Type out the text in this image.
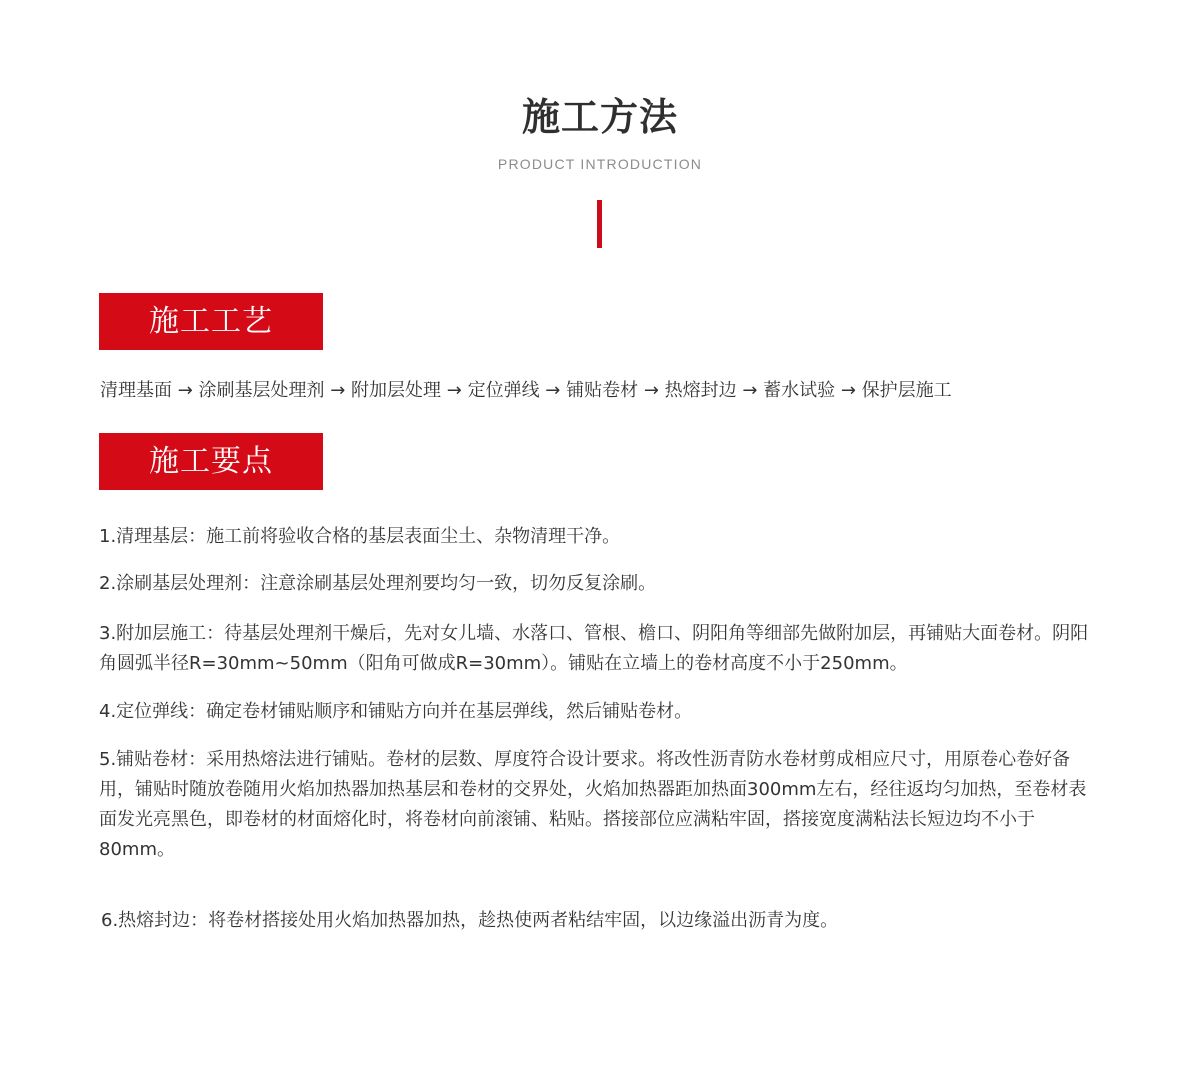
施工方法
PRODUCT INTRODUCTION
施工工艺
清理基面 → 涂刷基层处理剂 → 附加层处理 → 定位弹线 → 铺贴卷材 → 热熔封边 → 蓄水试验 → 保护层施工
施工要点

1.清理基层：施工前将验收合格的基层表面尘土、杂物清理干净。

2.涂刷基层处理剂：注意涂刷基层处理剂要均匀一致，切勿反复涂刷。

3.附加层施工：待基层处理剂干燥后，先对女儿墙、水落口、管根、檐口、阴阳角等细部先做附加层，再铺贴大面卷材。阴阳角圆弧半径R=30mm~50mm（阳角可做成R=30mm）。铺贴在立墙上的卷材高度不小于250mm。

4.定位弹线：确定卷材铺贴顺序和铺贴方向并在基层弹线，然后铺贴卷材。

5.铺贴卷材：采用热熔法进行铺贴。卷材的层数、厚度符合设计要求。将改性沥青防水卷材剪成相应尺寸，用原卷心卷好备用，铺贴时随放卷随用火焰加热器加热基层和卷材的交界处，火焰加热器距加热面300mm左右，经往返均匀加热，至卷材表面发光亮黑色，即卷材的材面熔化时，将卷材向前滚铺、粘贴。搭接部位应满粘牢固，搭接宽度满粘法长短边均不小于80mm。

6.热熔封边：将卷材搭接处用火焰加热器加热，趁热使两者粘结牢固，以边缘溢出沥青为度。
